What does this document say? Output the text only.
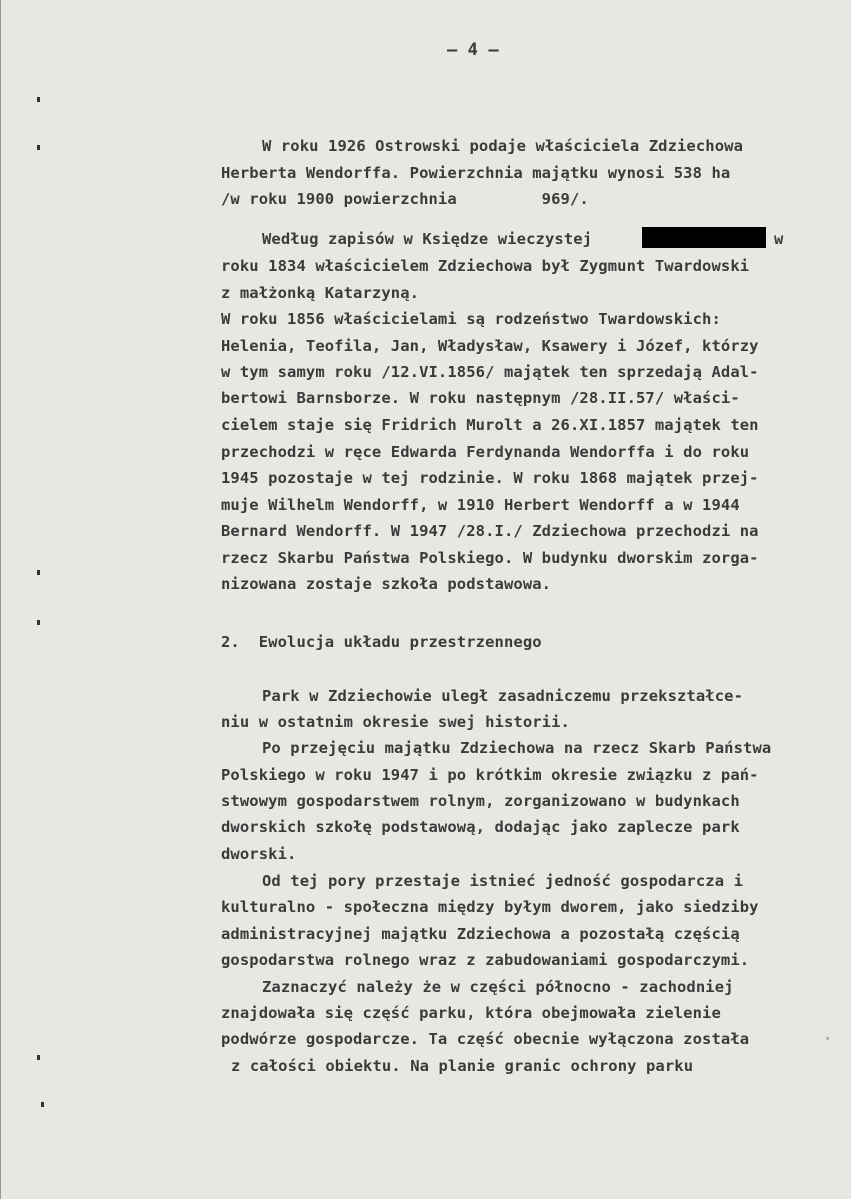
– 4 –
W roku 1926 Ostrowski podaje właściciela Zdziechowa
Herberta Wendorffa. Powierzchnia majątku wynosi 538 ha
/w roku 1900 powierzchnia         969/.
Według zapisów w Księdze wieczystej	w
roku 1834 właścicielem Zdziechowa był Zygmunt Twardowski
z małżonką Katarzyną.
W roku 1856 właścicielami są rodzeństwo Twardowskich:
Helenia, Teofila, Jan, Władysław, Ksawery i Józef, którzy
w tym samym roku /12.VI.1856/ majątek ten sprzedają Adal-
bertowi Barnsborze. W roku następnym /28.II.57/ właści-
cielem staje się Fridrich Murolt a 26.XI.1857 majątek ten
przechodzi w ręce Edwarda Ferdynanda Wendorffa i do roku
1945 pozostaje w tej rodzinie. W roku 1868 majątek przej-
muje Wilhelm Wendorff, w 1910 Herbert Wendorff a w 1944
Bernard Wendorff. W 1947 /28.I./ Zdziechowa przechodzi na
rzecz Skarbu Państwa Polskiego. W budynku dworskim zorga-
nizowana zostaje szkoła podstawowa.
2.  Ewolucja układu przestrzennego
Park w Zdziechowie uległ zasadniczemu przekształce-
niu w ostatnim okresie swej historii.
Po przejęciu majątku Zdziechowa na rzecz Skarb Państwa
Polskiego w roku 1947 i po krótkim okresie związku z pań-
stwowym gospodarstwem rolnym, zorganizowano w budynkach
dworskich szkołę podstawową, dodając jako zaplecze park
dworski.
Od tej pory przestaje istnieć jedność gospodarcza i
kulturalno - społeczna między byłym dworem, jako siedziby
administracyjnej majątku Zdziechowa a pozostałą częścią
gospodarstwa rolnego wraz z zabudowaniami gospodarczymi.
Zaznaczyć należy że w części północno - zachodniej
znajdowała się część parku, która obejmowała zielenie
podwórze gospodarcze. Ta część obecnie wyłączona została
z całości obiektu. Na planie granic ochrony parku
